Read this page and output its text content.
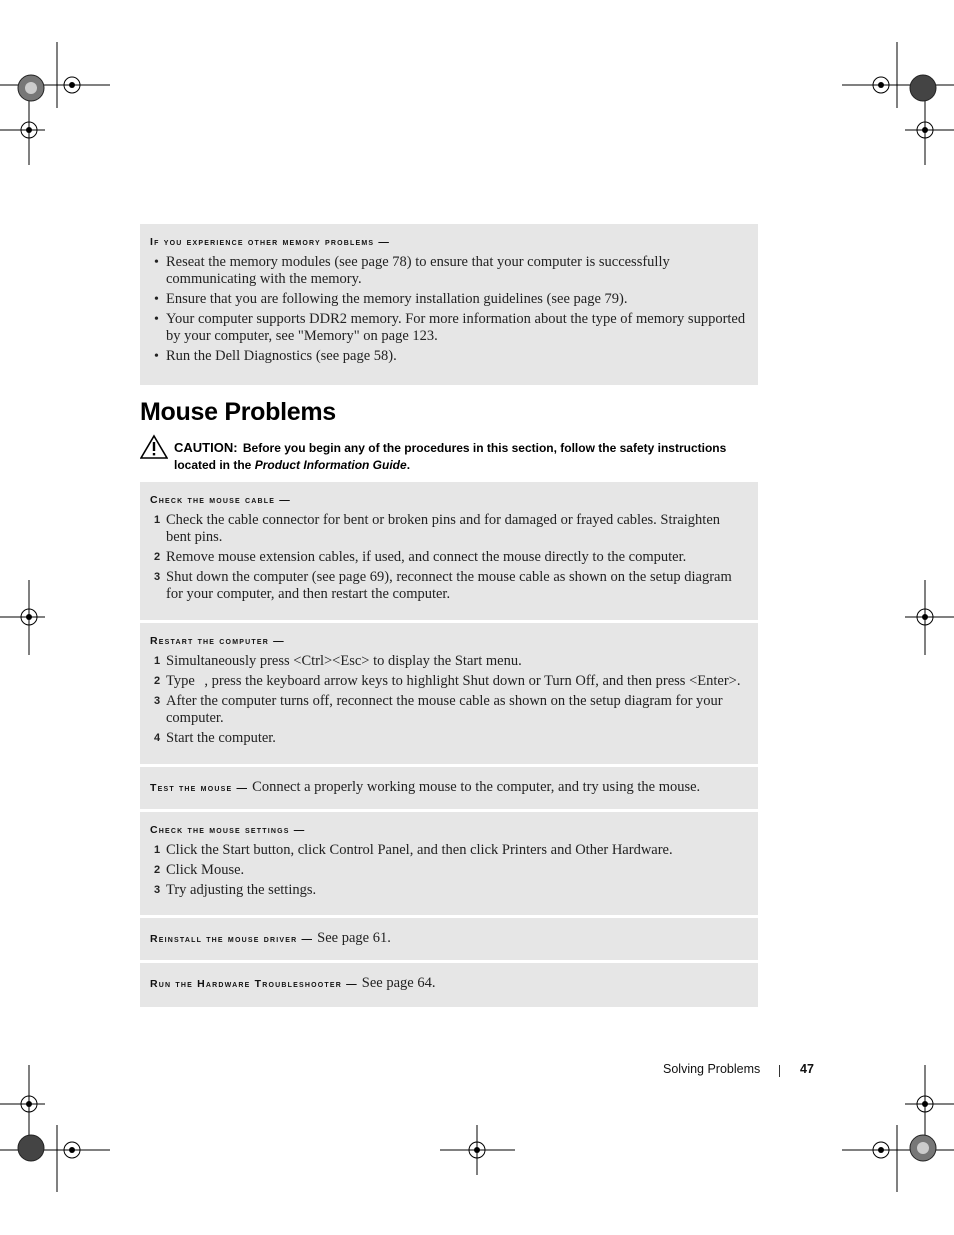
If you experience other memory problems —
• Reseat the memory modules (see page 78) to ensure that your computer is successfully communicating with the memory.
• Ensure that you are following the memory installation guidelines (see page 79).
• Your computer supports DDR2 memory. For more information about the type of memory supported by your computer, see "Memory" on page 123.
• Run the Dell Diagnostics (see page 58).
Mouse Problems
CAUTION: Before you begin any of the procedures in this section, follow the safety instructions located in the Product Information Guide.
Check the mouse cable —
1 Check the cable connector for bent or broken pins and for damaged or frayed cables. Straighten bent pins.
2 Remove mouse extension cables, if used, and connect the mouse directly to the computer.
3 Shut down the computer (see page 69), reconnect the mouse cable as shown on the setup diagram for your computer, and then restart the computer.
Restart the computer —
1 Simultaneously press <Ctrl><Esc> to display the Start menu.
2 Type , press the keyboard arrow keys to highlight Shut down or Turn Off, and then press <Enter>.
3 After the computer turns off, reconnect the mouse cable as shown on the setup diagram for your computer.
4 Start the computer.
Test the mouse — Connect a properly working mouse to the computer, and try using the mouse.
Check the mouse settings —
1 Click the Start button, click Control Panel, and then click Printers and Other Hardware.
2 Click Mouse.
3 Try adjusting the settings.
Reinstall the mouse driver — See page 61.
Run the Hardware Troubleshooter — See page 64.
Solving Problems	47
